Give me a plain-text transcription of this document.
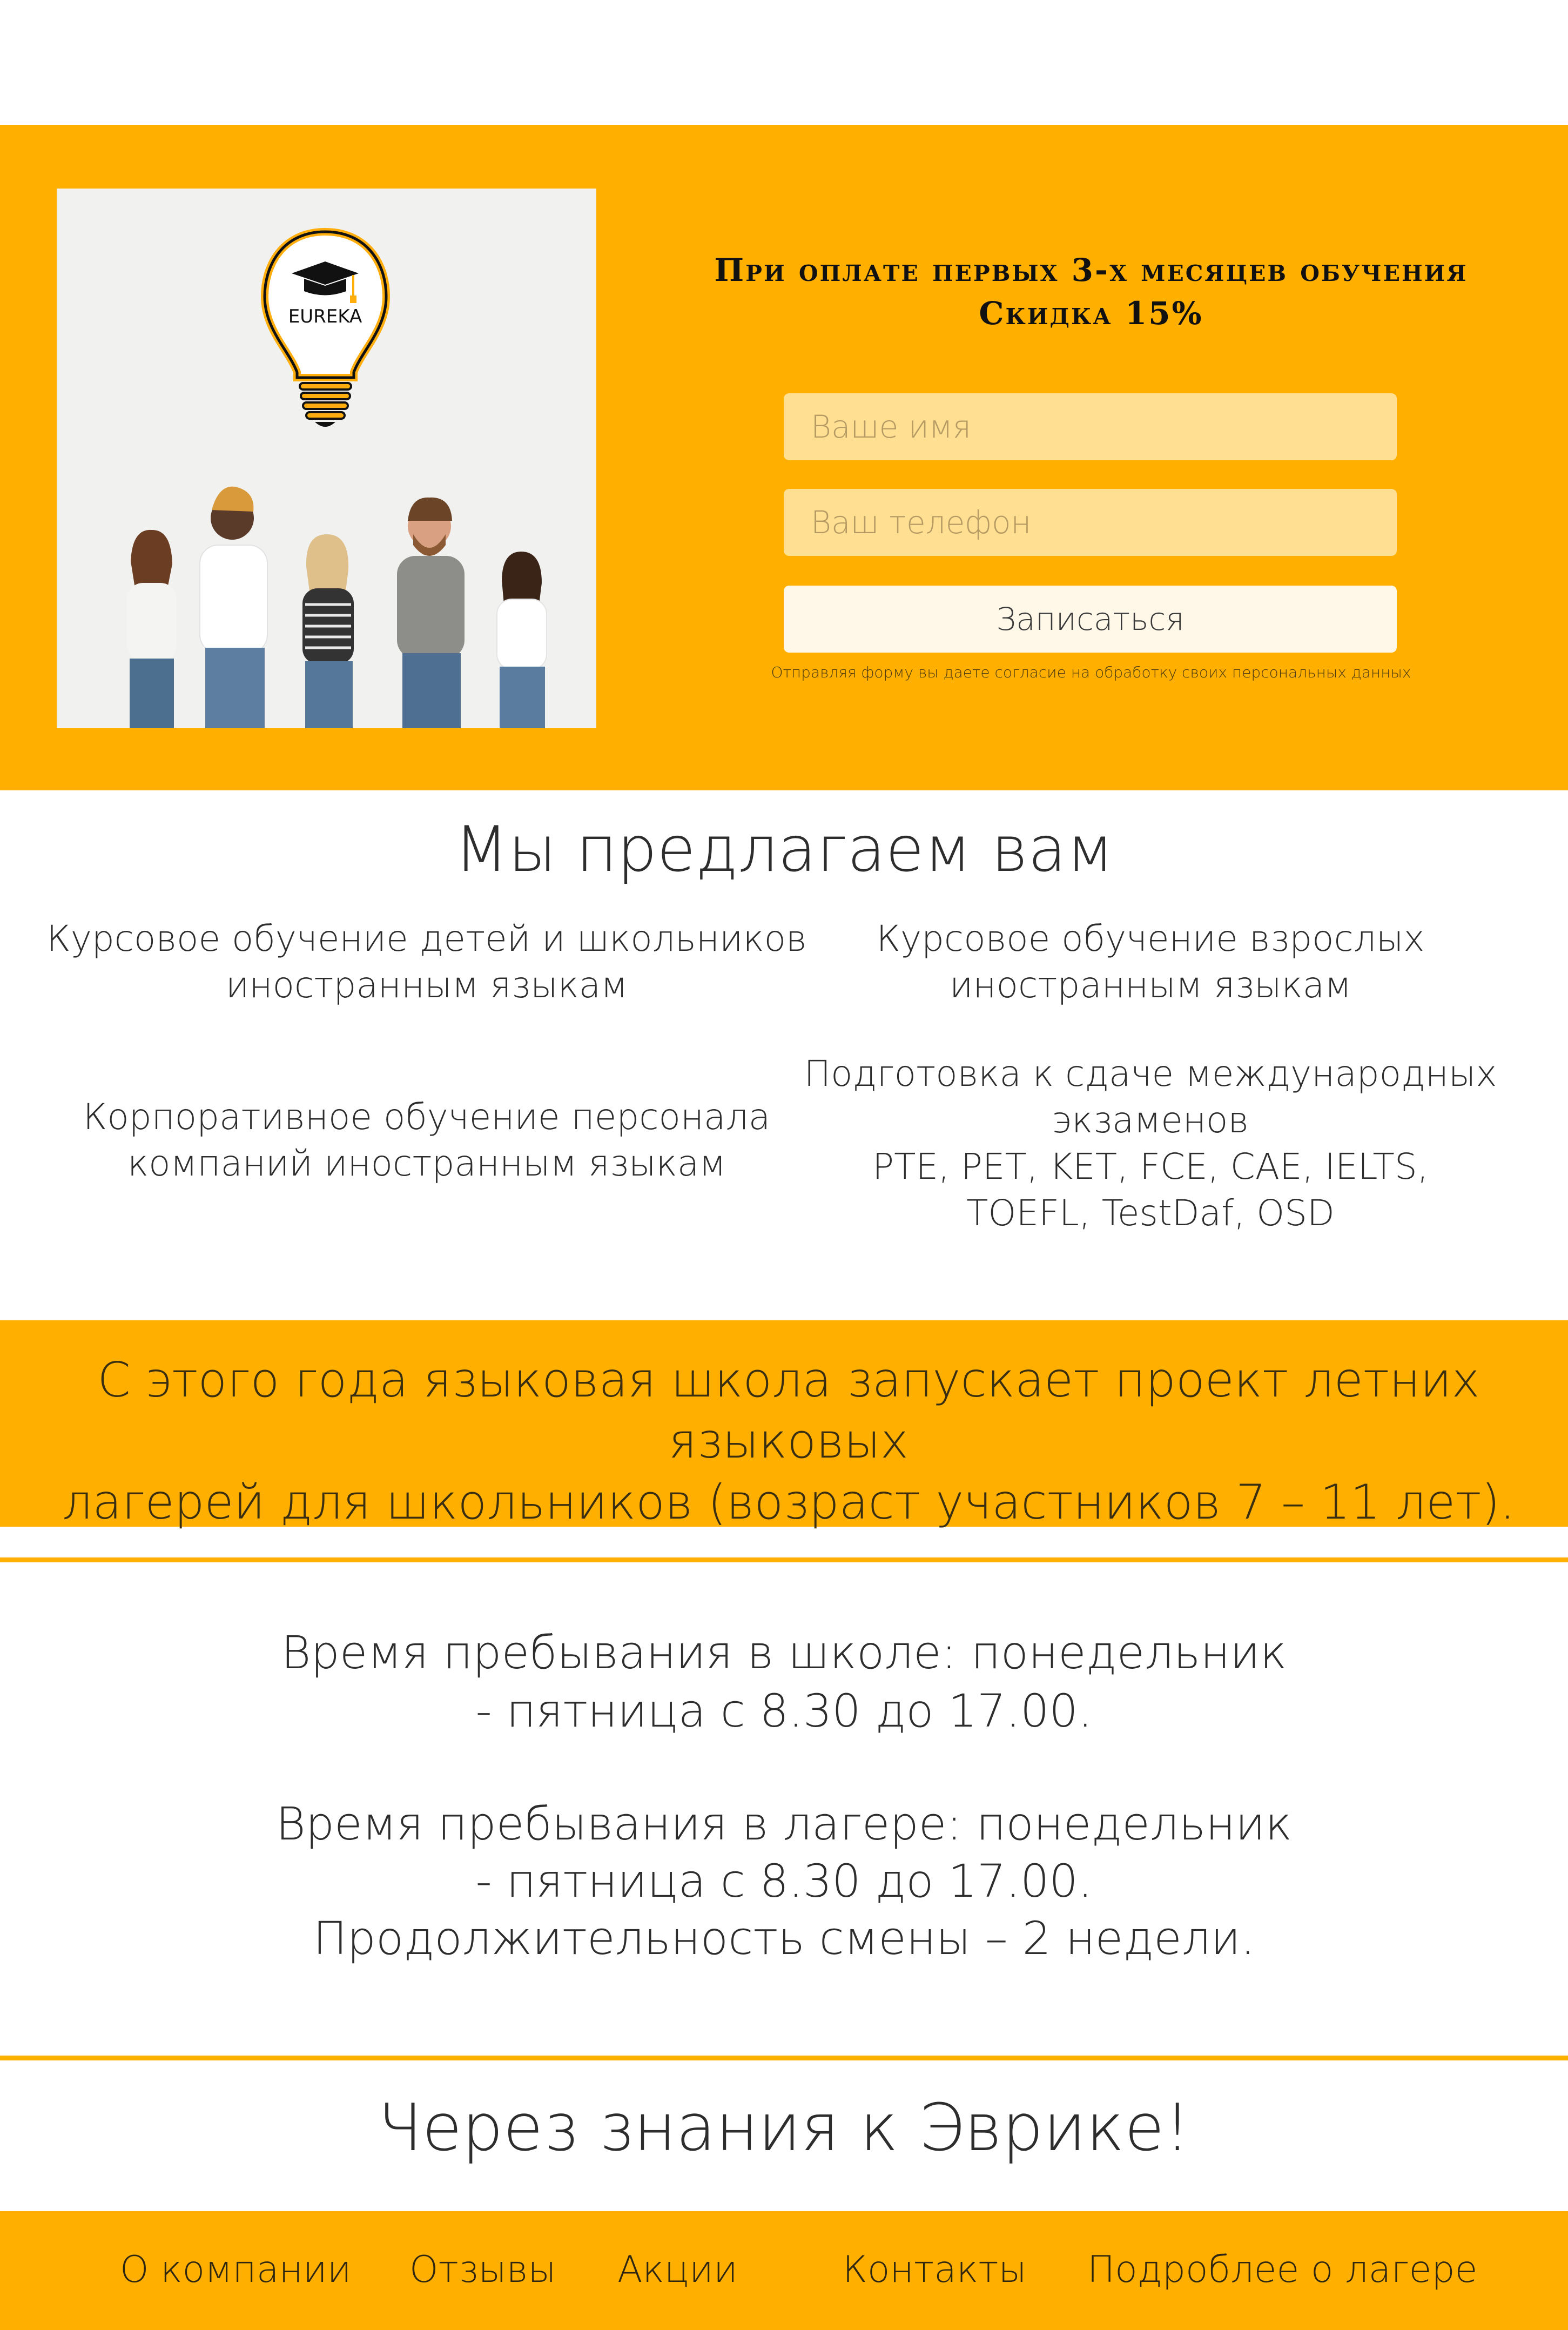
EUREKA
При оплате первых 3-х месяцев обучения
Скидка 15%
Ваше имя
Ваш телефон
Записаться
Отправляя форму вы даете согласие на обработку своих персональных данных
Мы предлагаем вам
Курсовое обучение детей и школьников
иностранным языкам
Курсовое обучение взрослых
иностранным языкам
Корпоративное обучение персонала
компаний иностранным языкам
Подготовка к сдаче международных
экзаменов
PTE, PET, KET, FCE, CAE, IELTS,
TOEFL, TestDaf, OSD
С этого года языковая школа запускает проект летних языковых
лагерей для школьников (возраст участников 7 – 11 лет).
Время пребывания в школе: понедельник
- пятница с 8.30 до 17.00.
Время пребывания в лагере: понедельник
- пятница с 8.30 до 17.00.
Продолжительность смены – 2 недели.
Через знания к Эврике!
О компании Отзывы Акции	Контакты Подроблее о лагере
